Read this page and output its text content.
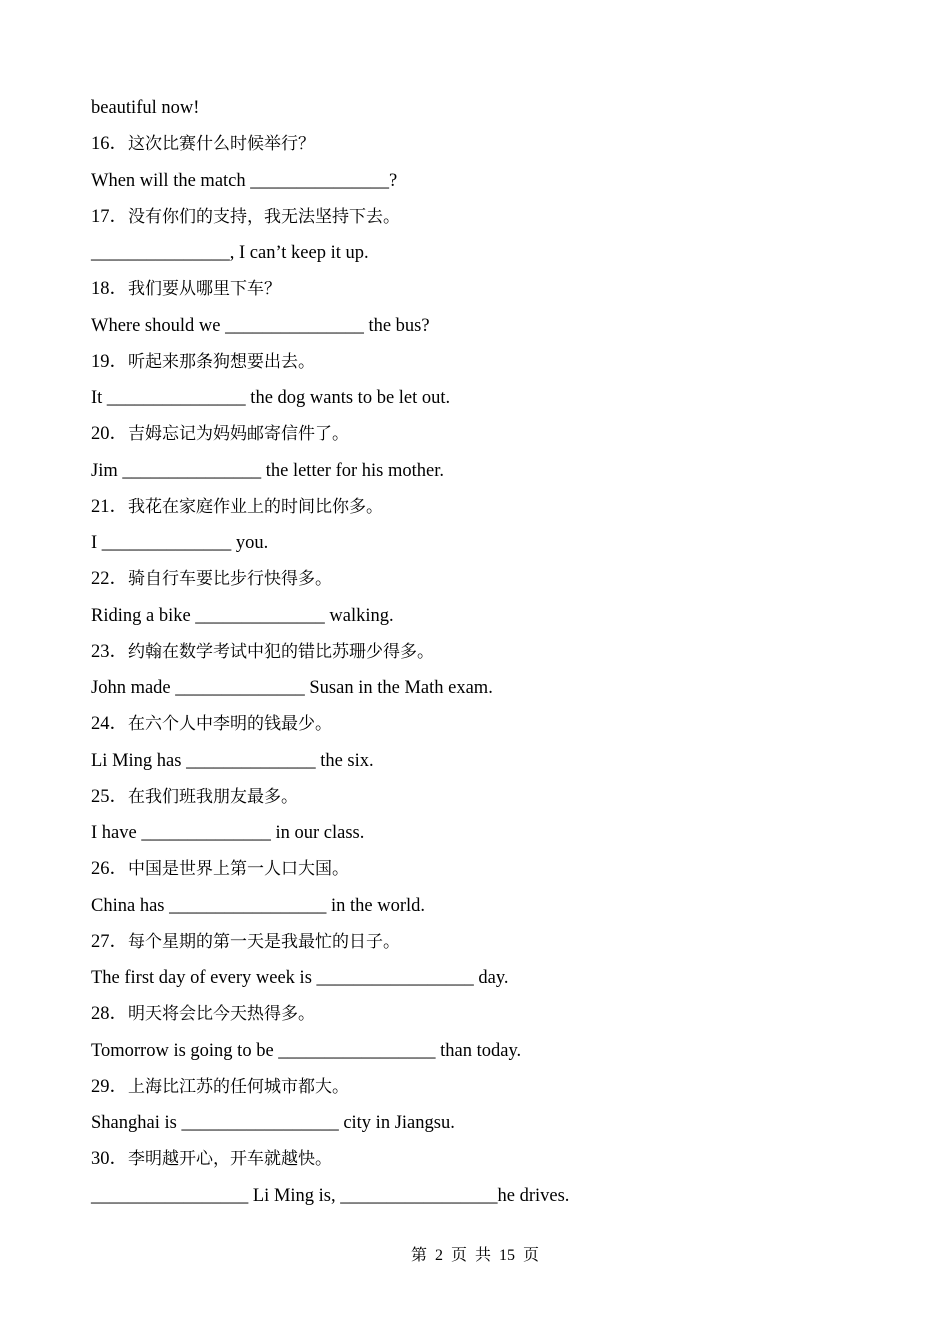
beautiful now!
16．这次比赛什么时候举行？
When will the match _______________?
17．没有你们的支持，我无法坚持下去。
_______________, I can’t keep it up.
18．我们要从哪里下车？
Where should we _______________ the bus?
19．听起来那条狗想要出去。
It _______________ the dog wants to be let out.
20．吉姆忘记为妈妈邮寄信件了。
Jim _______________ the letter for his mother.
21．我花在家庭作业上的时间比你多。
I ______________ you.
22．骑自行车要比步行快得多。
Riding a bike ______________ walking.
23．约翰在数学考试中犯的错比苏珊少得多。
John made ______________ Susan in the Math exam.
24．在六个人中李明的钱最少。
Li Ming has ______________ the six.
25．在我们班我朋友最多。
I have ______________ in our class.
26．中国是世界上第一人口大国。
China has _________________ in the world.
27．每个星期的第一天是我最忙的日子。
The first day of every week is _________________ day.
28．明天将会比今天热得多。
Tomorrow is going to be _________________ than today.
29．上海比江苏的任何城市都大。
Shanghai is _________________ city in Jiangsu.
30．李明越开心，开车就越快。
_________________ Li Ming is, _________________he drives.
第 2 页 共 15 页
